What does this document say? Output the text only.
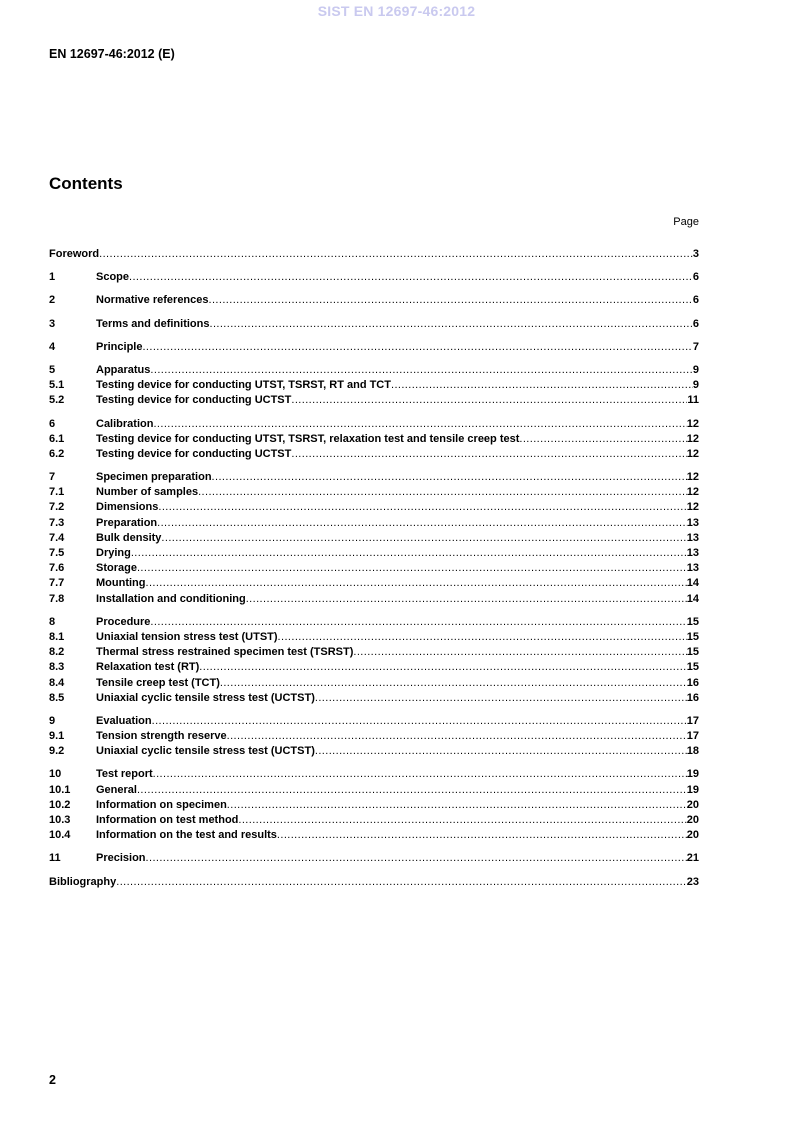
SIST EN 12697-46:2012
EN 12697-46:2012 (E)
Contents
Page
Foreword .....	3
1	Scope .....	6
2	Normative references .....	6
3	Terms and definitions .....	6
4	Principle .....	7
5	Apparatus .....	9
5.1	Testing device for conducting UTST, TSRST, RT and TCT .....	9
5.2	Testing device for conducting UCTST .....	11
6	Calibration .....	12
6.1	Testing device for conducting UTST, TSRST, relaxation test and tensile creep test .....	12
6.2	Testing device for conducting UCTST .....	12
7	Specimen preparation .....	12
7.1	Number of samples .....	12
7.2	Dimensions .....	12
7.3	Preparation .....	13
7.4	Bulk density .....	13
7.5	Drying .....	13
7.6	Storage .....	13
7.7	Mounting .....	14
7.8	Installation and conditioning .....	14
8	Procedure .....	15
8.1	Uniaxial tension stress test (UTST) .....	15
8.2	Thermal stress restrained specimen test (TSRST) .....	15
8.3	Relaxation test (RT) .....	15
8.4	Tensile creep test (TCT) .....	16
8.5	Uniaxial cyclic tensile stress test (UCTST) .....	16
9	Evaluation .....	17
9.1	Tension strength reserve .....	17
9.2	Uniaxial cyclic tensile stress test (UCTST) .....	18
10	Test report .....	19
10.1	General .....	19
10.2	Information on specimen .....	20
10.3	Information on test method .....	20
10.4	Information on the test and results .....	20
11	Precision .....	21
Bibliography .....	23
2
